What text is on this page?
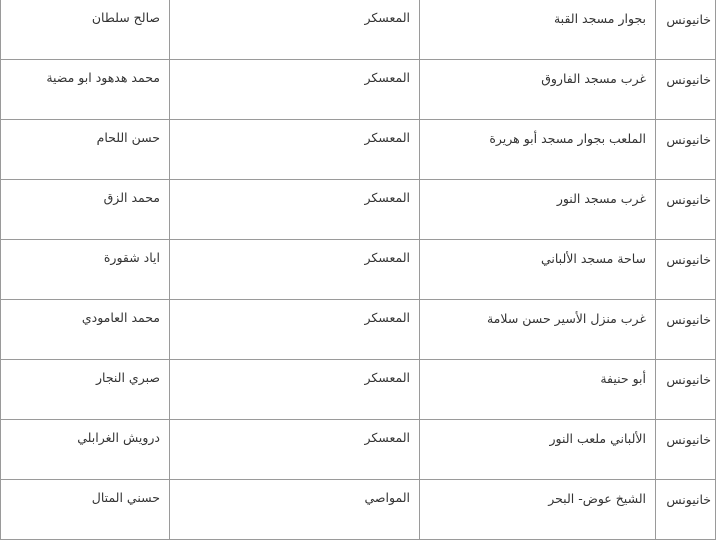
خانيونس	بجوار مسجد القبة	المعسكر	صالح سلطان

خانيونس	غرب مسجد الفاروق	المعسكر	محمد هدهود ابو مضية

خانيونس	الملعب بجوار مسجد أبو هريرة	المعسكر	حسن اللحام

خانيونس	غرب مسجد النور	المعسكر	محمد الزق

خانيونس	ساحة مسجد الألباني	المعسكر	اياد شقورة

خانيونس	غرب منزل الأسير حسن سلامة	المعسكر	محمد العامودي

خانيونس	أبو حنيفة	المعسكر	صبري النجار

خانيونس	الألباني ملعب النور	المعسكر	درويش الغرابلي

خانيونس	الشيخ عوض- البحر	المواصي	حسني المتال
